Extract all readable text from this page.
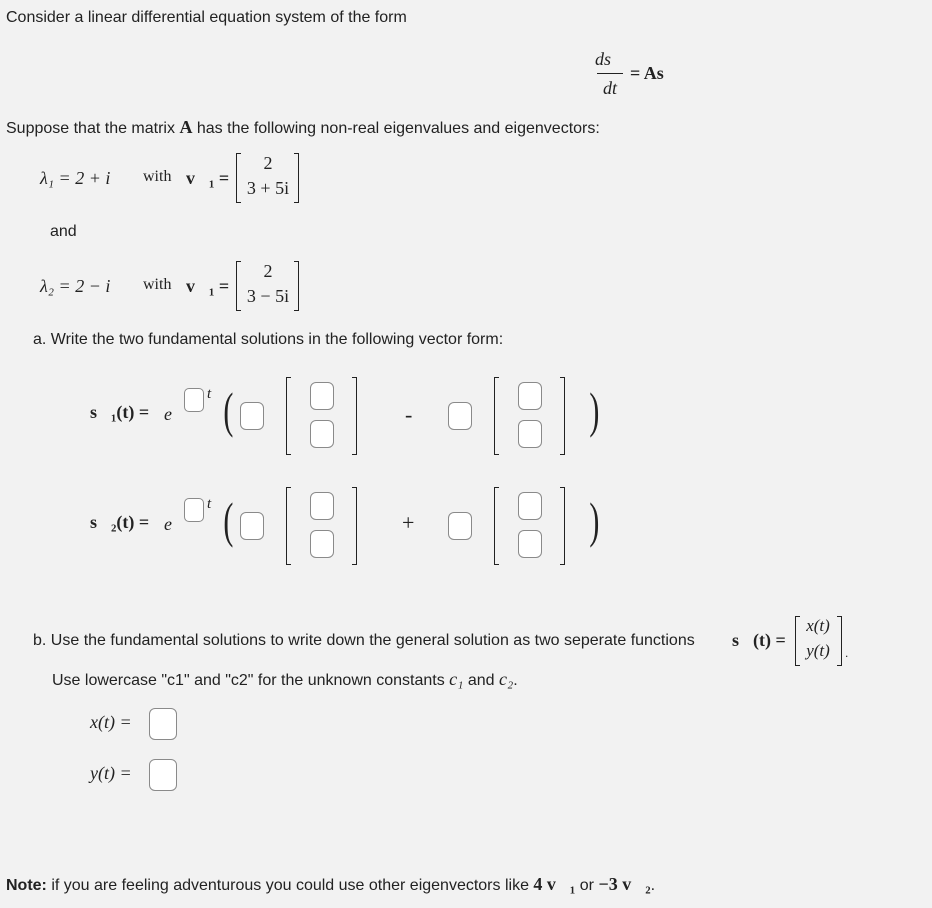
Consider a linear differential equation system of the form
ds⃗
dt
= As⃗
Suppose that the matrix A has the following non-real eigenvalues and eigenvectors:
λ₁ = 2 + i with v⃗₁ =
2
3 + 5i
and
λ₂ = 2 − i with v⃗₁ =
2
3 − 5i
a. Write the two fundamental solutions in the following vector form:
s⃗₁(t) = e
t (	-	)
s⃗₂(t) = e
t (	+	)
b. Use the fundamental solutions to write down the general solution as two seperate functions s⃗(t) =
x(t)
y(t)	.
Use lowercase "c1" and "c2" for the unknown constants c₁ and c₂.
x(t) =
y(t) =
Note: if you are feeling adventurous you could use other eigenvectors like 4 v⃗₁ or −3 v⃗₂.
